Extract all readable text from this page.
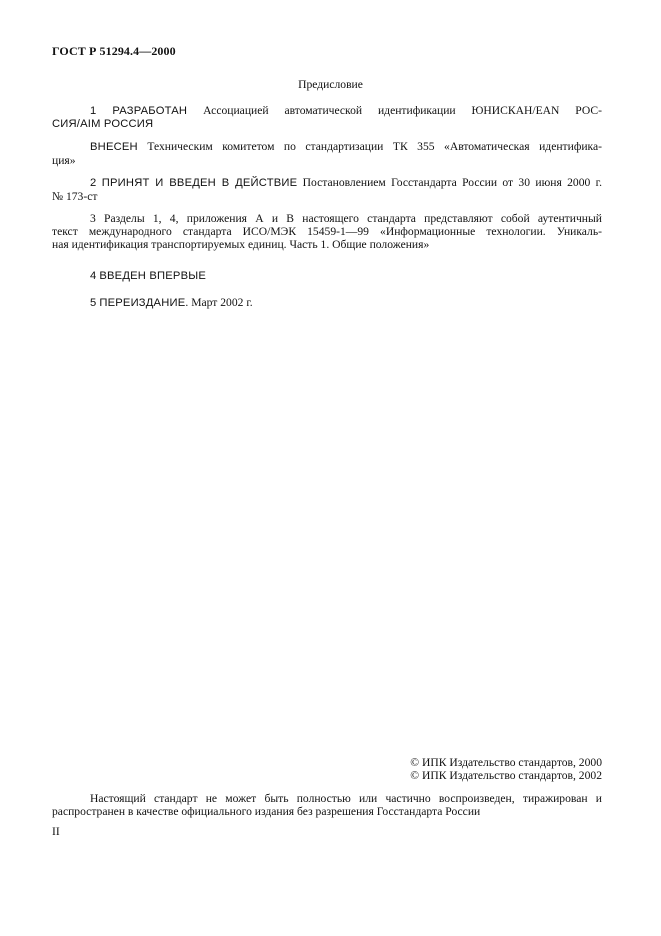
ГОСТ Р 51294.4—2000
Предисловие
1 РАЗРАБОТАН Ассоциацией автоматической идентификации ЮНИСКАН/EAN РОС-
СИЯ/AIM РОССИЯ
ВНЕСЕН Техническим комитетом по стандартизации ТК 355 «Автоматическая идентифика-
ция»
2 ПРИНЯТ И ВВЕДЕН В ДЕЙСТВИЕ Постановлением Госстандарта России от 30 июня 2000 г.
№ 173-ст
3 Разделы 1, 4, приложения А и В настоящего стандарта представляют собой аутентичный
текст международного стандарта ИСО/МЭК 15459-1—99 «Информационные технологии. Уникаль-
ная идентификация транспортируемых единиц. Часть 1. Общие положения»
4 ВВЕДЕН ВПЕРВЫЕ
5 ПЕРЕИЗДАНИЕ. Март 2002 г.
© ИПК Издательство стандартов, 2000
© ИПК Издательство стандартов, 2002
Настоящий стандарт не может быть полностью или частично воспроизведен, тиражирован и
распространен в качестве официального издания без разрешения Госстандарта России
II
